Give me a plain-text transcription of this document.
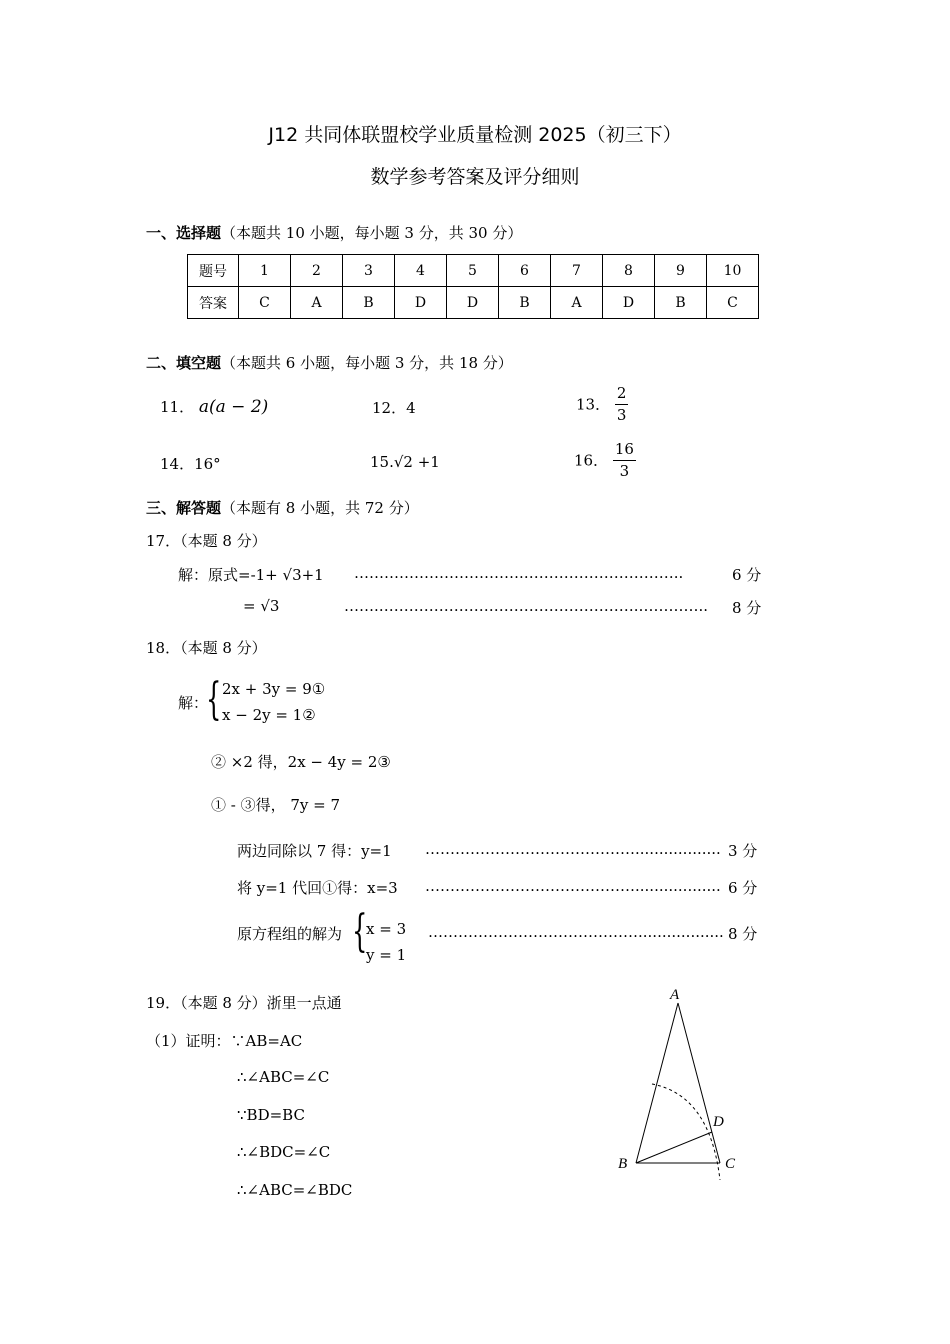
J12 共同体联盟校学业质量检测 2025（初三下）
数学参考答案及评分细则
一、选择题（本题共 10 小题，每小题 3 分，共 30 分）
题号	1	2	3	4	5	6	7	8	9	10
答案	C	A	B	D	D	B	A	D	B	C
二、填空题（本题共 6 小题，每小题 3 分，共 18 分）
11． a(a − 2)	12．4	13． $\frac{2}{3}$
14．16°	15.√2 +1	16． $\frac{16}{3}$
三、解答题（本题有 8 小题，共 72 分）
17．（本题 8 分）
解：原式=-1+ √3+1 …………………………….…………………………..	6 分
= √3	…….…………………………………………….………….. 8 分
18．（本题 8 分）
解：
{ 2x + 3y = 9①
x − 2y = 1②
② ×2 得，2x − 4y = 2③
① - ③得， 7y = 7
两边同除以 7 得：y=1 …………………………………….................. 3 分
将 y=1 代回①得：x=3 …………………………………….................. 6 分
原方程组的解为 {
x = 3
y = 1
…………………………………….................. 8 分
19．（本题 8 分）浙里一点通
（1）证明：∵AB=AC
∴∠ABC=∠C
∵BD=BC
∴∠BDC=∠C
∴∠ABC=∠BDC
A
B	C
D
